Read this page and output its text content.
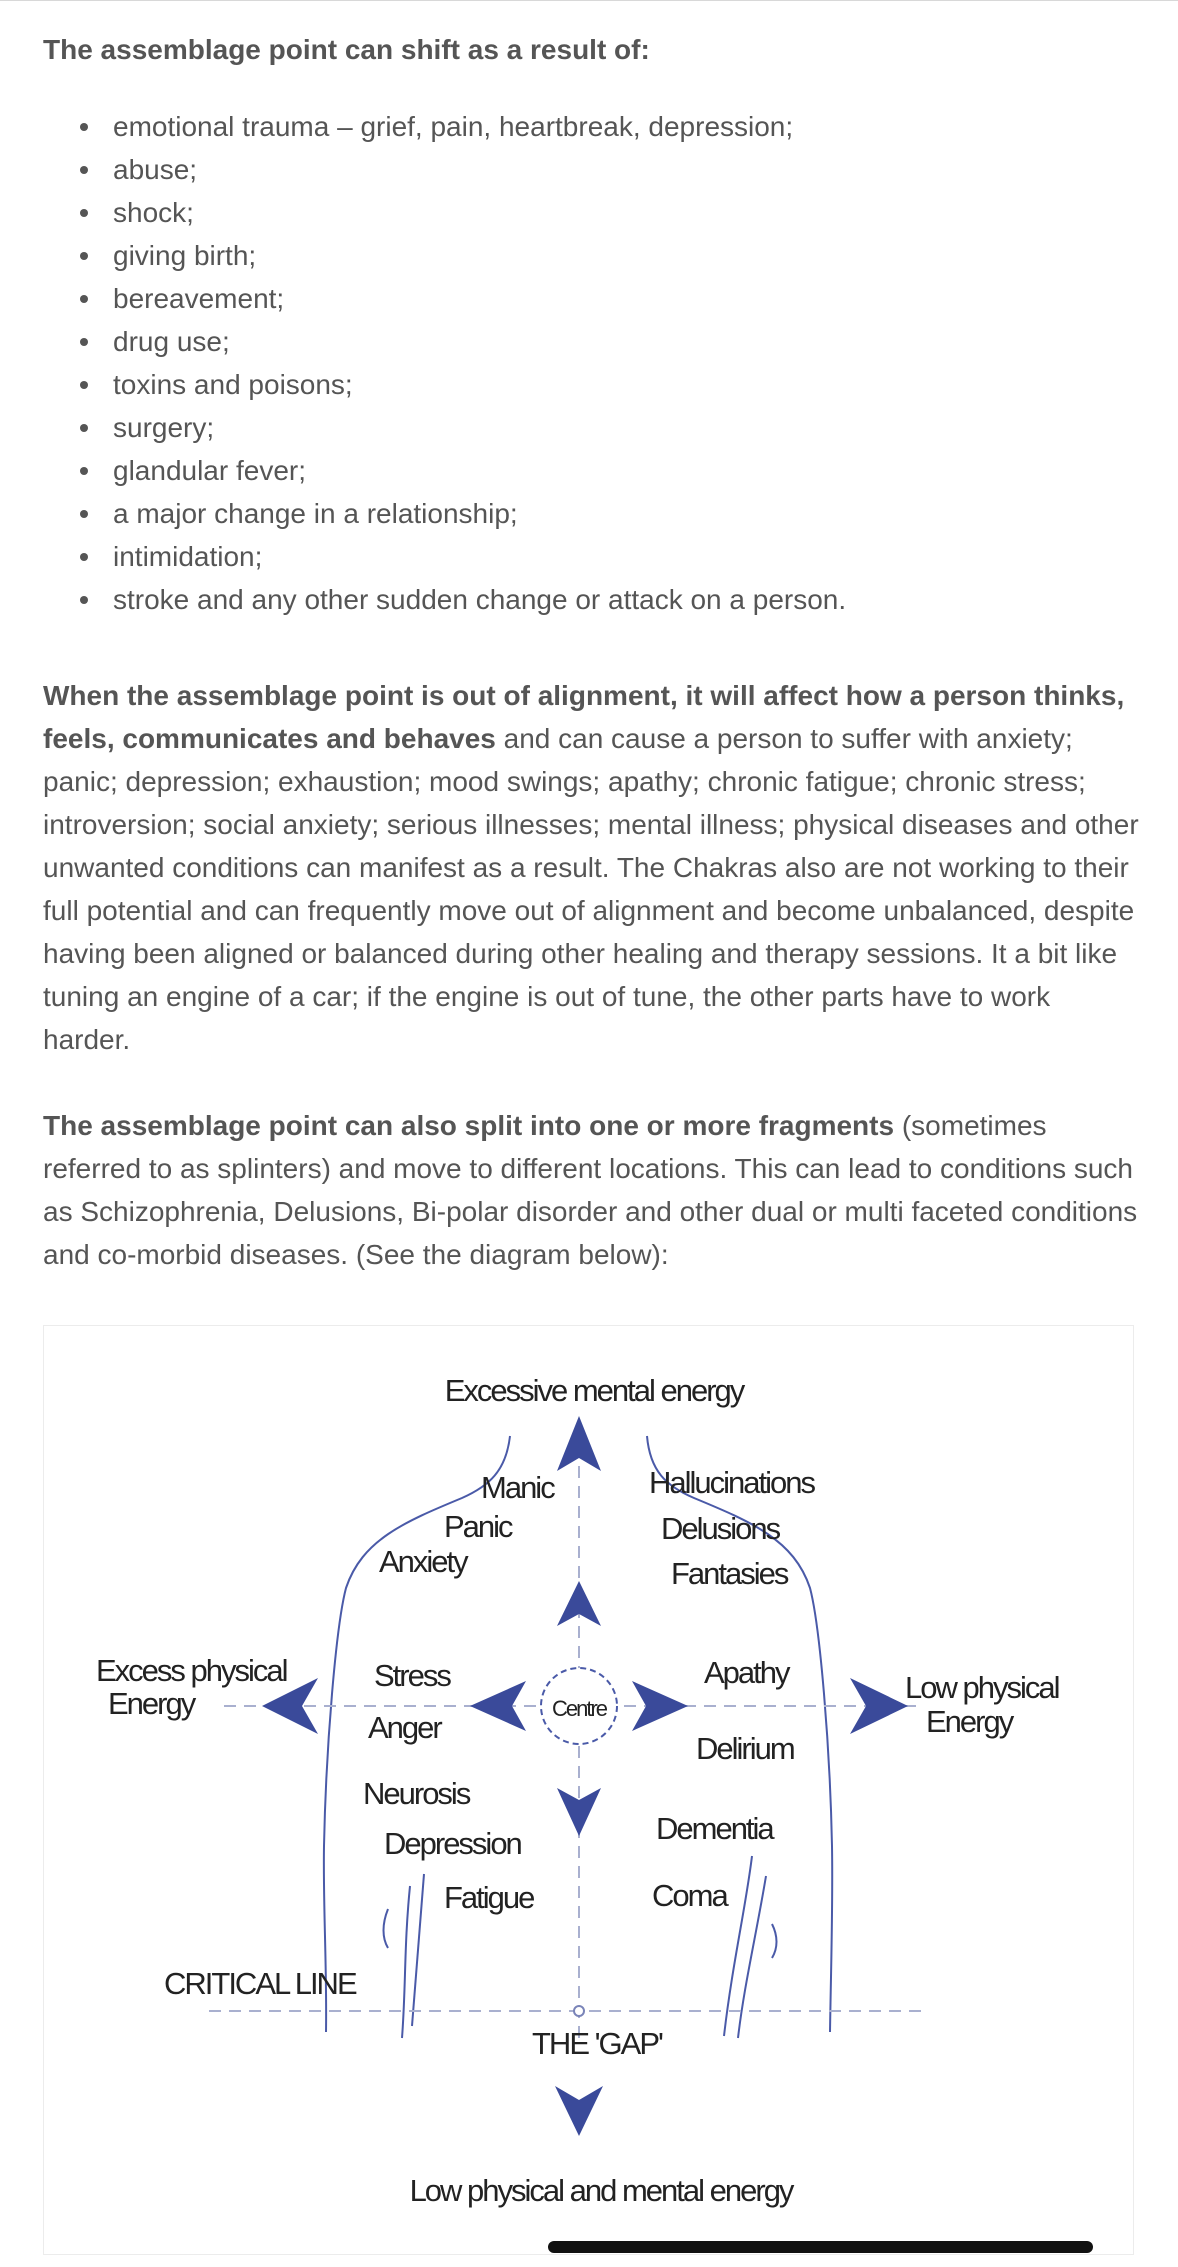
The assemblage point can shift as a result of:

emotional trauma – grief, pain, heartbreak, depression;
abuse;
shock;
giving birth;
bereavement;
drug use;
toxins and poisons;
surgery;
glandular fever;
a major change in a relationship;
intimidation;
stroke and any other sudden change or attack on a person.

When the assemblage point is out of alignment, it will affect how a person thinks, feels, communicates and behaves and can cause a person to suffer with anxiety; panic; depression; exhaustion; mood swings; apathy; chronic fatigue; chronic stress; introversion; social anxiety; serious illnesses; mental illness; physical diseases and other unwanted conditions can manifest as a result. The Chakras also are not working to their full potential and can frequently move out of alignment and become unbalanced, despite having been aligned or balanced during other healing and therapy sessions. It a bit like tuning an engine of a car; if the engine is out of tune, the other parts have to work harder.

The assemblage point can also split into one or more fragments (sometimes referred to as splinters) and move to different locations. This can lead to conditions such as Schizophrenia, Delusions, Bi-polar disorder and other dual or multi faceted conditions and co-morbid diseases. (See the diagram below):

Centre
Excessive mental energy
Low physical and mental energy
Excess physical
Energy	Low physical
Energy
CRITICAL LINE
THE 'GAP'
Manic
Panic
Anxiety
Stress
Anger
Neurosis
Depression
Fatigue
Hallucinations
Delusions
Fantasies
Apathy
Delirium
Dementia
Coma
